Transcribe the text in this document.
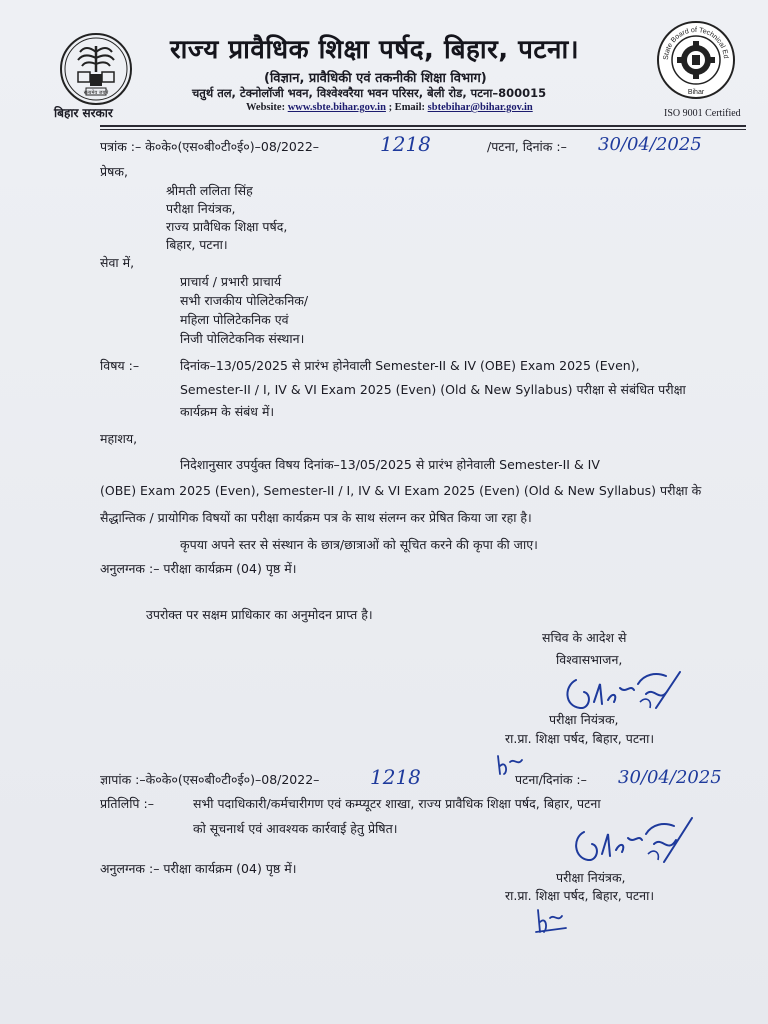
सत्यमेव जयते
बिहार सरकार
राज्य प्रावैधिक शिक्षा पर्षद, बिहार, पटना।
(विज्ञान, प्रावैधिकी एवं तकनीकी शिक्षा विभाग)
चतुर्थ तल, टेक्नोलॉजी भवन, विश्वेश्वरैया भवन परिसर, बेली रोड, पटना–800015
Website: www.sbte.bihar.gov.in ; Email: sbtebihar@bihar.gov.in
State Board of Technical Ed
Bihar
ISO 9001 Certified
पत्रांक :– के०के०(एस०बी०टी०ई०)–08/2022–	1218	/पटना, दिनांक :– 30/04/2025
प्रेषक,
श्रीमती ललिता सिंह
परीक्षा नियंत्रक,
राज्य प्रावैधिक शिक्षा पर्षद,
बिहार, पटना।
सेवा में,
प्राचार्य / प्रभारी प्राचार्य
सभी राजकीय पोलिटेकनिक/
महिला पोलिटेकनिक एवं
निजी पोलिटेकनिक संस्थान।
विषय :–	दिनांक–13/05/2025 से प्रारंभ होनेवाली Semester-II & IV (OBE) Exam 2025 (Even),
Semester-II / I, IV & VI Exam 2025 (Even) (Old & New Syllabus) परीक्षा से संबंधित परीक्षा
कार्यक्रम के संबंध में।
महाशय,
निदेशानुसार उपर्युक्त विषय दिनांक–13/05/2025 से प्रारंभ होनेवाली Semester-II & IV
(OBE) Exam 2025 (Even), Semester-II / I, IV & VI Exam 2025 (Even) (Old & New Syllabus) परीक्षा के
सैद्धान्तिक / प्रायोगिक विषयों का परीक्षा कार्यक्रम पत्र के साथ संलग्न कर प्रेषित किया जा रहा है।
कृपया अपने स्तर से संस्थान के छात्र/छात्राओं को सूचित करने की कृपा की जाए।
अनुलग्नक :– परीक्षा कार्यक्रम (04) पृष्ठ में।
उपरोक्त पर सक्षम प्राधिकार का अनुमोदन प्राप्त है।
सचिव के आदेश से
विश्वासभाजन,
परीक्षा नियंत्रक,
रा.प्रा. शिक्षा पर्षद, बिहार, पटना।
ज्ञापांक :–के०के०(एस०बी०टी०ई०)–08/2022–	1218	पटना/दिनांक :– 30/04/2025
प्रतिलिपि :–	सभी पदाधिकारी/कर्मचारीगण एवं कम्प्यूटर शाखा, राज्य प्रावैधिक शिक्षा पर्षद, बिहार, पटना
को सूचनार्थ एवं आवश्यक कार्रवाई हेतु प्रेषित।
अनुलग्नक :– परीक्षा कार्यक्रम (04) पृष्ठ में।
परीक्षा नियंत्रक,
रा.प्रा. शिक्षा पर्षद, बिहार, पटना।
